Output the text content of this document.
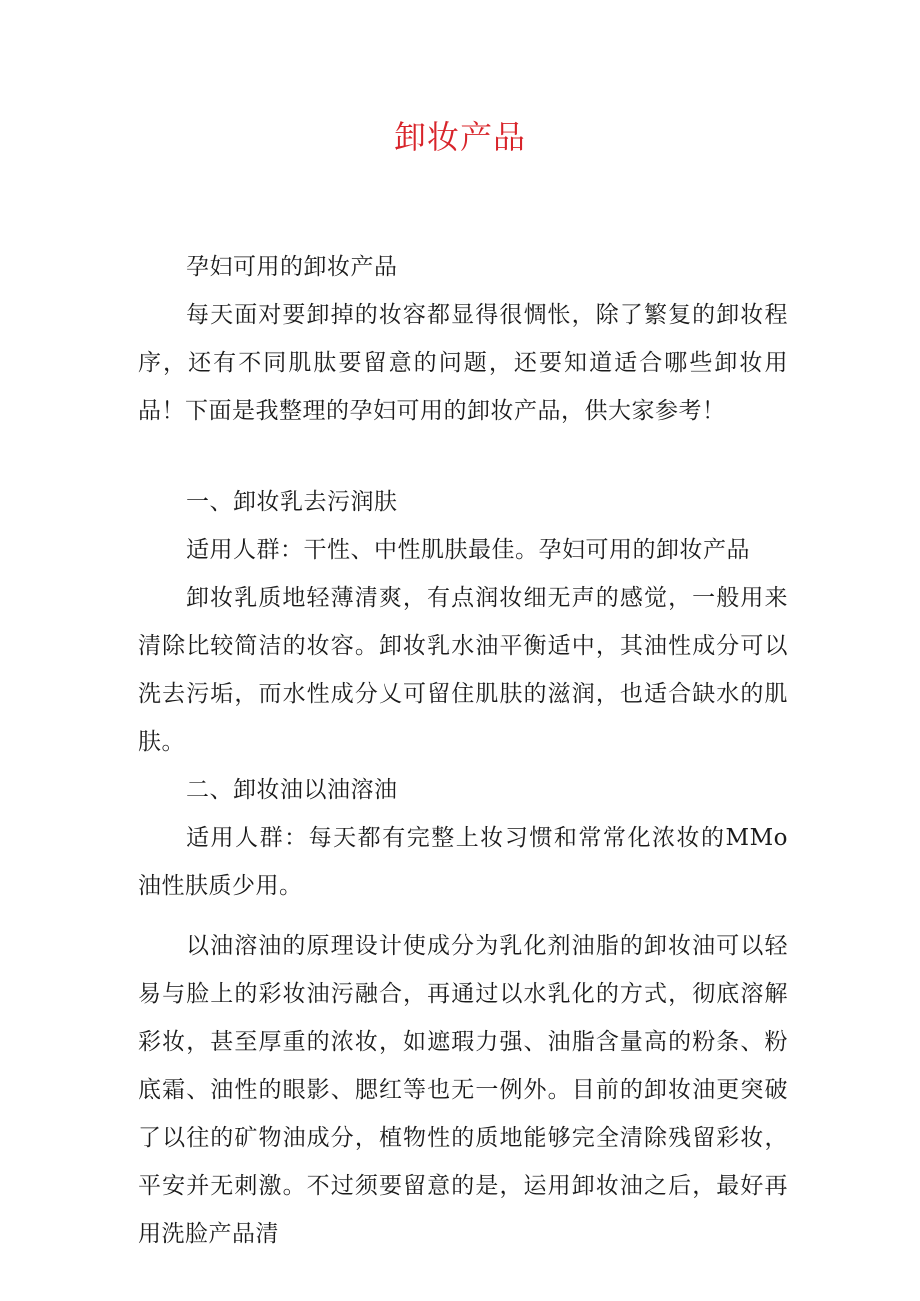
卸妆产品

孕妇可用的卸妆产品

每天面对要卸掉的妆容都显得很惆怅，除了繁复的卸妆程序，还有不同肌肽要留意的问题，还要知道适合哪些卸妆用品！下面是我整理的孕妇可用的卸妆产品，供大家参考！

一、卸妆乳去污润肤

适用人群：干性、中性肌肤最佳。孕妇可用的卸妆产品

卸妆乳质地轻薄清爽，有点润妆细无声的感觉，一般用来清除比较简洁的妆容。卸妆乳水油平衡适中，其油性成分可以洗去污垢，而水性成分乂可留住肌肤的滋润，也适合缺水的肌肤。

二、卸妆油以油溶油

适用人群：每天都有完整上妆习惯和常常化浓妆的MMo油性肤质少用。

以油溶油的原理设计使成分为乳化剂油脂的卸妆油可以轻易与脸上的彩妆油污融合，再通过以水乳化的方式，彻底溶解彩妆，甚至厚重的浓妆，如遮瑕力强、油脂含量高的粉条、粉底霜、油性的眼影、腮红等也无一例外。目前的卸妆油更突破了以往的矿物油成分，植物性的质地能够完全清除残留彩妆，平安并无刺激。不过须要留意的是，运用卸妆油之后，最好再用洗脸产品清
